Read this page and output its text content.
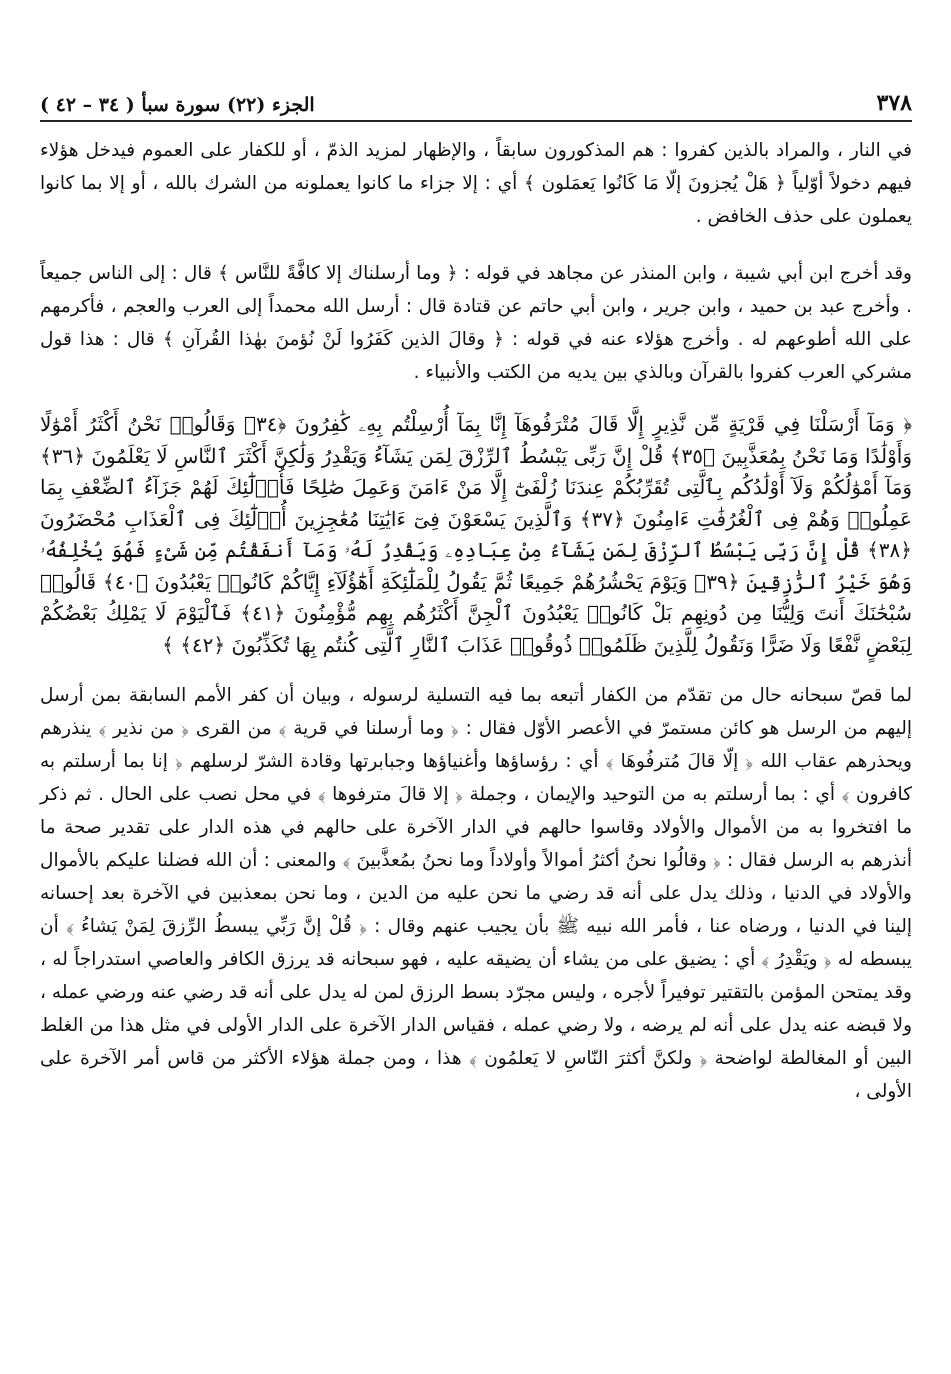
٣٧٨
الجزء (٢٢) سورة سبأ ( ٣٤ – ٤٢ )

في النار ، والمراد بالذين كفروا : هم المذكورون سابقاً ، والإظهار لمزيد الذمّ ، أو للكفار على العموم فيدخل هؤلاء فيهم دخولاً أوّلياً ﴿ هَلْ يُجزونَ إلّا مَا كَانُوا يَعمَلون ﴾ أي : إلا جزاء ما كانوا يعملونه من الشرك بالله ، أو إلا بما كانوا يعملون على حذف الخافض .

وقد أخرج ابن أبي شيبة ، وابن المنذر عن مجاهد في قوله : ﴿ وما أرسلناك إلا كافَّةً للنَّاس ﴾ قال : إلى الناس جميعاً . وأخرج عبد بن حميد ، وابن جرير ، وابن أبي حاتم عن قتادة قال : أرسل الله محمداً إلى العرب والعجم ، فأكرمهم على الله أطوعهم له . وأخرج هؤلاء عنه في قوله : ﴿ وقالَ الذين كَفَرُوا لَنْ نُؤمنَ بهٰذا القُرآنِ ﴾ قال : هذا قول مشركي العرب كفروا بالقرآن وبالذي بين يديه من الكتب والأنبياء .

﴿ وَمَآ أَرْسَلْنَا فِي قَرْيَةٍ مِّن نَّذِيرٍ إِلَّا قَالَ مُتْرَفُوهَآ إِنَّا بِمَآ أُرْسِلْتُم بِهِۦ كَٰفِرُونَ ﴿٣٤﴾ وَقَالُوا۟ نَحْنُ أَكْثَرُ أَمْوَٰلًا وَأَوْلَٰدًا وَمَا نَحْنُ بِمُعَذَّبِينَ ﴿٣٥﴾ قُلْ إِنَّ رَبِّى يَبْسُطُ ٱلرِّزْقَ لِمَن يَشَآءُ وَيَقْدِرُ وَلَٰكِنَّ أَكْثَرَ ٱلنَّاسِ لَا يَعْلَمُونَ ﴿٣٦﴾ وَمَآ أَمْوَٰلُكُمْ وَلَآ أَوْلَٰدُكُم بِٱلَّتِى تُقَرِّبُكُمْ عِندَنَا زُلْفَىٰٓ إِلَّا مَنْ ءَامَنَ وَعَمِلَ صَٰلِحًا فَأُو۟لَٰٓئِكَ لَهُمْ جَزَآءُ ٱلضِّعْفِ بِمَا عَمِلُوا۟ وَهُمْ فِى ٱلْغُرُفَٰتِ ءَامِنُونَ ﴿٣٧﴾ وَٱلَّذِينَ يَسْعَوْنَ فِىٓ ءَايَٰتِنَا مُعَٰجِزِينَ أُو۟لَٰٓئِكَ فِى ٱلْعَذَابِ مُحْضَرُونَ ﴿٣٨﴾ قُلْ إِنَّ رَبِّى يَبْسُطُ ٱلرِّزْقَ لِمَن يَشَآءُ مِنْ عِبَادِهِۦ وَيَقْدِرُ لَهُۥ وَمَآ أَنفَقْتُم مِّن شَىْءٍ فَهُوَ يُخْلِفُهُۥ وَهُوَ خَيْرُ ٱلرَّٰزِقِينَ ﴿٣٩﴾ وَيَوْمَ يَحْشُرُهُمْ جَمِيعًا ثُمَّ يَقُولُ لِلْمَلَٰٓئِكَةِ أَهَٰٓؤُلَآءِ إِيَّاكُمْ كَانُوا۟ يَعْبُدُونَ ﴿٤٠﴾ قَالُوا۟ سُبْحَٰنَكَ أَنتَ وَلِيُّنَا مِن دُونِهِم بَلْ كَانُوا۟ يَعْبُدُونَ ٱلْجِنَّ أَكْثَرُهُم بِهِم مُّؤْمِنُونَ ﴿٤١﴾ فَٱلْيَوْمَ لَا يَمْلِكُ بَعْضُكُمْ لِبَعْضٍ نَّفْعًا وَلَا ضَرًّا وَنَقُولُ لِلَّذِينَ ظَلَمُوا۟ ذُوقُوا۟ عَذَابَ ٱلنَّارِ ٱلَّتِى كُنتُم بِهَا تُكَذِّبُونَ ﴿٤٢﴾ ﴾

لما قصّ سبحانه حال من تقدّم من الكفار أتبعه بما فيه التسلية لرسوله ، وبيان أن كفر الأمم السابقة بمن أرسل إليهم من الرسل هو كائن مستمرّ في الأعصر الأوّل فقال : ﴿ وما أرسلنا في قرية ﴾ من القرى ﴿ من نذير ﴾ ينذرهم ويحذرهم عقاب الله ﴿ إلّا قالَ مُترفُوهَا ﴾ أي : رؤساؤها وأغنياؤها وجبابرتها وقادة الشرّ لرسلهم ﴿ إنا بما أرسلتم به كافرون ﴾ أي : بما أرسلتم به من التوحيد والإيمان ، وجملة ﴿ إلا قالَ مترفوها ﴾ في محل نصب على الحال . ثم ذكر ما افتخروا به من الأموال والأولاد وقاسوا حالهم في الدار الآخرة على حالهم في هذه الدار على تقدير صحة ما أنذرهم به الرسل فقال : ﴿ وقالُوا نحنُ أكثرُ أموالاً وأولاداً وما نحنُ بمُعذَّبينَ ﴾ والمعنى : أن الله فضلنا عليكم بالأموال والأولاد في الدنيا ، وذلك يدل على أنه قد رضي ما نحن عليه من الدين ، وما نحن بمعذبين في الآخرة بعد إحسانه إلينا في الدنيا ، ورضاه عنا ، فأمر الله نبيه ﷺ بأن يجيب عنهم وقال : ﴿ قُلْ إنَّ رَبِّي يبسطُ الرِّزقَ لِمَنْ يَشاءُ ﴾ أن يبسطه له ﴿ ويَقْدِرُ ﴾ أي : يضيق على من يشاء أن يضيقه عليه ، فهو سبحانه قد يرزق الكافر والعاصي استدراجاً له ، وقد يمتحن المؤمن بالتقتير توفيراً لأجره ، وليس مجرّد بسط الرزق لمن له يدل على أنه قد رضي عنه ورضي عمله ، ولا قبضه عنه يدل على أنه لم يرضه ، ولا رضي عمله ، فقياس الدار الآخرة على الدار الأولى في مثل هذا من الغلط البين أو المغالطة لواضحة ﴿ ولكنَّ أكثرَ النّاسِ لا يَعلمُون ﴾ هذا ، ومن جملة هؤلاء الأكثر من قاس أمر الآخرة على الأولى ،
